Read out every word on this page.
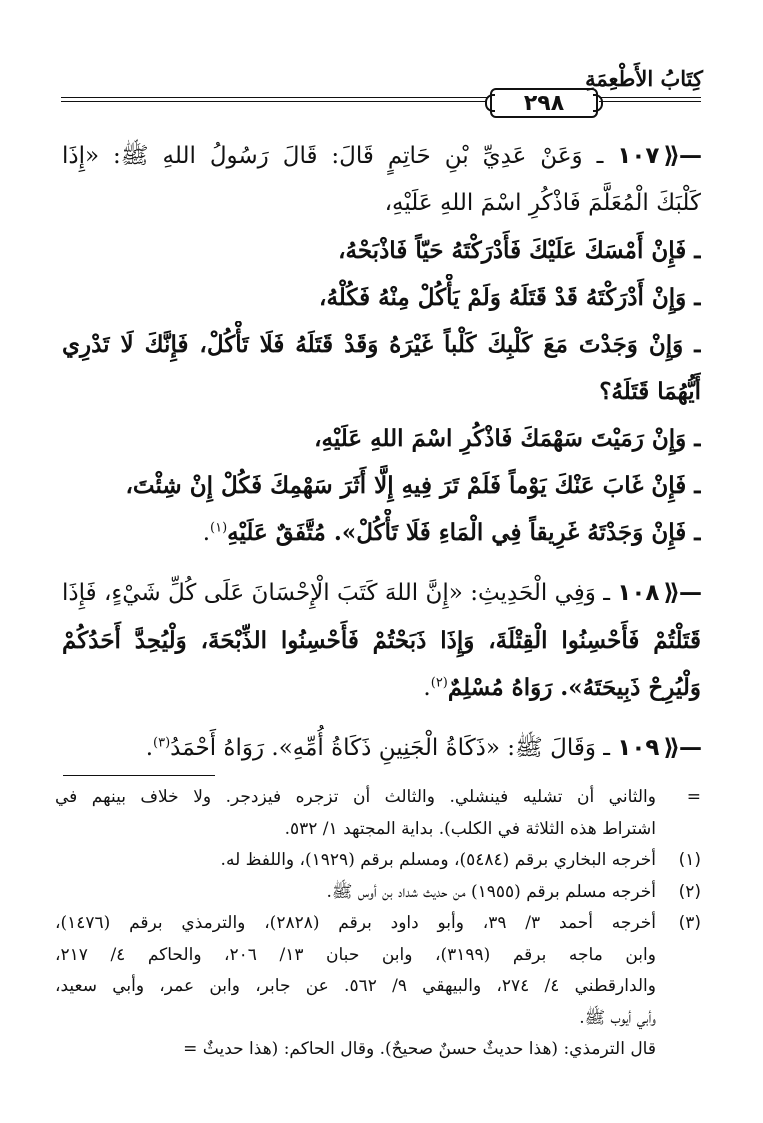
كِتَابُ الأَطْعِمَةِ
٢٩٨
—⟪١٠٧ ـ وَعَنْ عَدِيِّ بْنِ حَاتِمٍ قَالَ: قَالَ رَسُولُ اللهِ ﷺ: «إِذَا
كَلْبَكَ الْمُعَلَّمَ فَاذْكُرِ اسْمَ اللهِ عَلَيْهِ،
ـ فَإِنْ أَمْسَكَ عَلَيْكَ فَأَدْرَكْتَهُ حَيّاً فَاذْبَحْهُ،
ـ وَإِنْ أَدْرَكْتَهُ قَدْ قَتَلَهُ وَلَمْ يَأْكُلْ مِنْهُ فَكُلْهُ،
ـ وَإِنْ وَجَدْتَ مَعَ كَلْبِكَ كَلْباً غَيْرَهُ وَقَدْ قَتَلَهُ فَلَا تَأْكُلْ، فَإِنَّكَ لَا تَدْرِي
أَيُّهُمَا قَتَلَهُ؟
ـ وَإِنْ رَمَيْتَ سَهْمَكَ فَاذْكُرِ اسْمَ اللهِ عَلَيْهِ،
ـ فَإِنْ غَابَ عَنْكَ يَوْماً فَلَمْ تَرَ فِيهِ إِلَّا أَثَرَ سَهْمِكَ فَكُلْ إِنْ شِئْتَ،
ـ فَإِنْ وَجَدْتَهُ غَرِيقاً فِي الْمَاءِ فَلَا تَأْكُلْ». مُتَّفَقٌ عَلَيْهِ$^{(١)}$.
—⟪١٠٨ ـ وَفِي الْحَدِيثِ: «إِنَّ اللهَ كَتَبَ الْإِحْسَانَ عَلَى كُلِّ شَيْءٍ، فَإِذَا
قَتَلْتُمْ فَأَحْسِنُوا الْقِتْلَةَ، وَإِذَا ذَبَحْتُمْ فَأَحْسِنُوا الذِّبْحَةَ، وَلْيُحِدَّ أَحَدُكُمْ
وَلْيُرِحْ ذَبِيحَتَهُ». رَوَاهُ مُسْلِمٌ$^{(٢)}$.
—⟪١٠٩ ـ وَقَالَ ﷺ: «ذَكَاةُ الْجَنِينِ ذَكَاةُ أُمِّهِ». رَوَاهُ أَحْمَدُ$^{(٣)}$.
=
والثاني أن تشليه فينشلي. والثالث أن تزجره فيزدجر. ولا خلاف بينهم في
اشتراط هذه الثلاثة في الكلب). بداية المجتهد ١/ ٥٣٢.
(١)
أخرجه البخاري برقم (٥٤٨٤)، ومسلم برقم (١٩٢٩)، واللفظ له.
(٢)
أخرجه مسلم برقم (١٩٥٥) من حديث شداد بن أوس ﷺ.
(٣)
أخرجه أحمد ٣/ ٣٩، وأبو داود برقم (٢٨٢٨)، والترمذي برقم (١٤٧٦)،
وابن ماجه برقم (٣١٩٩)، وابن حبان ١٣/ ٢٠٦، والحاكم ٤/ ٢١٧،
والدارقطني ٤/ ٢٧٤، والبيهقي ٩/ ٥٦٢. عن جابر، وابن عمر، وأبي سعيد،
وأبي أيوب ﷺ.
قال الترمذي: (هذا حديثٌ حسنٌ صحيحٌ). وقال الحاكم: (هذا حديثٌ =
